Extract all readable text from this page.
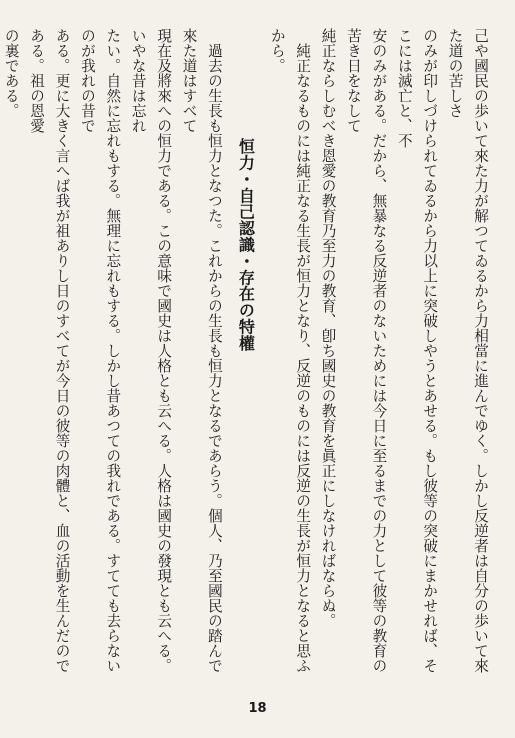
己や國民の歩いて來た力が解つてゐるから力相當に進んでゆく。しかし反逆者は自分の歩いて來た道の苦しさ

のみが印しづけられてゐるから力以上に突破しやうとあせる。もし彼等の突破にまかせれば、そこには滅亡と、不

安のみがある。だから、無暴なる反逆者のないためには今日に至るまでの力として彼等の教育の苦き日をなして

純正ならしむべき恩愛の教育乃至力の教育、卽ち國史の教育を眞正にしなければならぬ。

純正なるものには純正なる生長が恒力となり、反逆のものには反逆の生長が恒力となると思ふから。

恒力・自己認識・存在の特權

過去の生長も恒力となつた。これからの生長も恒力となるであらう。個人、乃至國民の踏んで來た道はすべて

現在及將來への恒力である。この意味で國史は人格とも云へる。人格は國史の發現とも云へる。いやな昔は忘れ

たい。自然に忘れもする。無理に忘れもする。しかし昔あつての我れである。すてても去らないのが我れの昔で

ある。更に大きく言へば我が祖ありし日のすべてが今日の彼等の肉體と、血の活動を生んだのである。祖の恩愛

の裏である。

18
